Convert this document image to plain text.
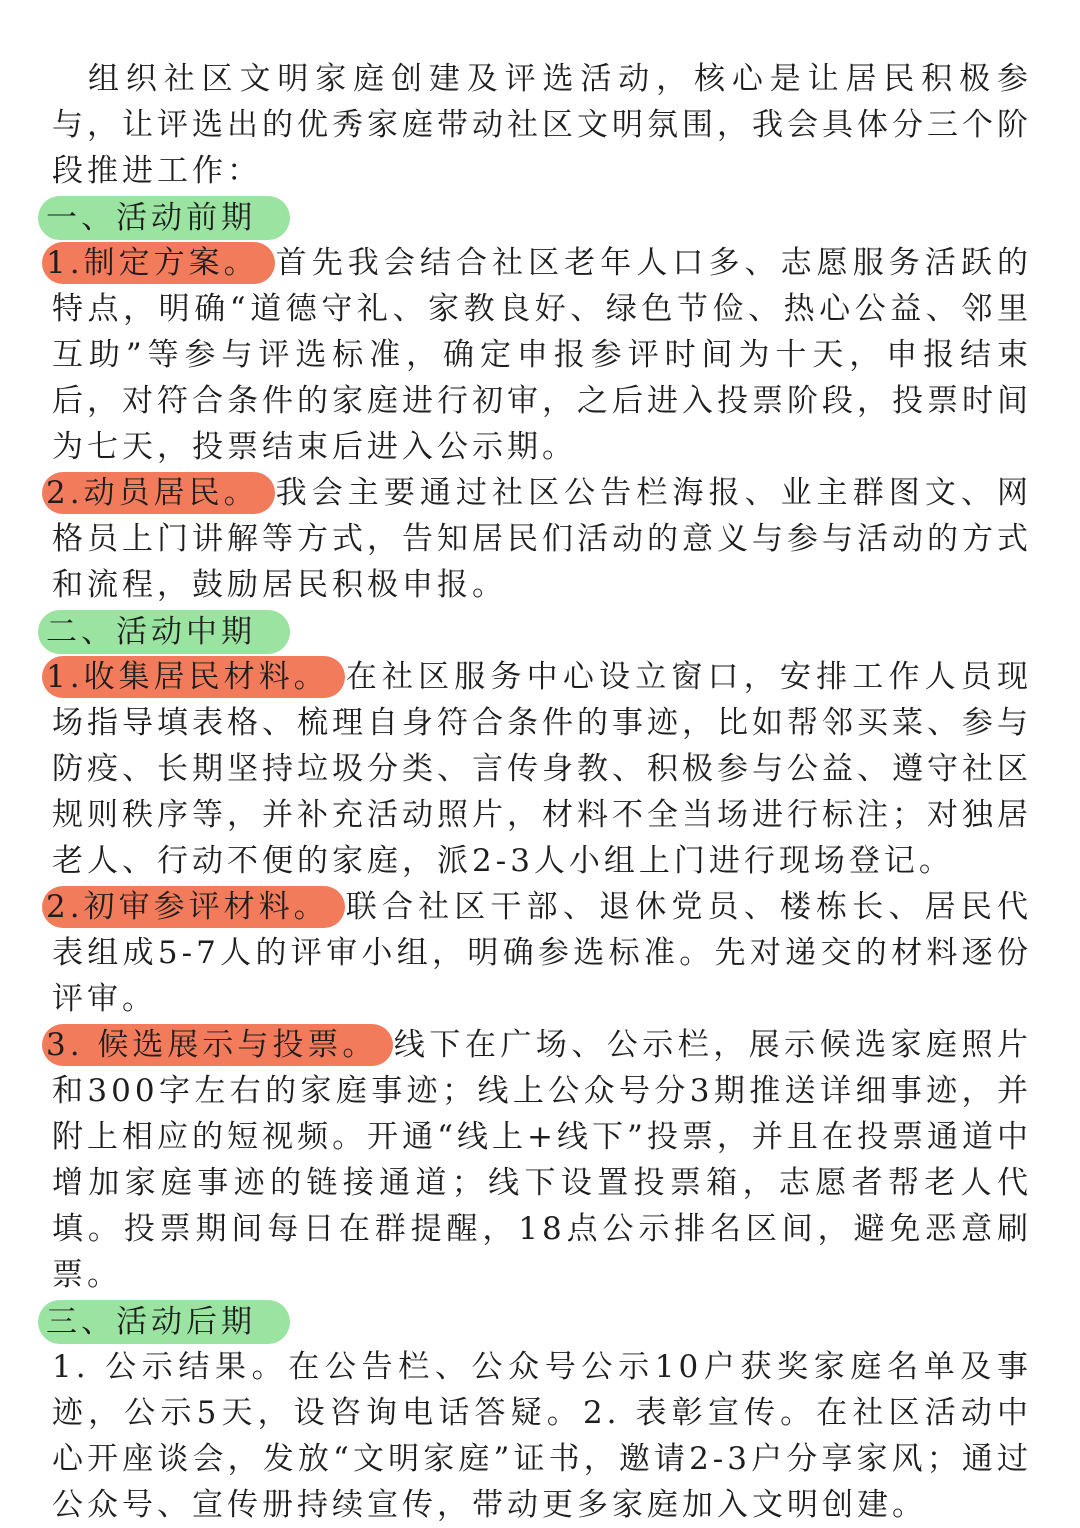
组织社区文明家庭创建及评选活动，核心是让居民积极参与，让评选出的优秀家庭带动社区文明氛围，我会具体分三个阶段推进工作：

一、活动前期

1.制定方案。 首先我会结合社区老年人口多、志愿服务活跃的特点，明确“道德守礼、家教良好、绿色节俭、热心公益、邻里互助”等参与评选标准，确定申报参评时间为十天，申报结束后，对符合条件的家庭进行初审，之后进入投票阶段，投票时间为七天，投票结束后进入公示期。

2.动员居民。 我会主要通过社区公告栏海报、业主群图文、网格员上门讲解等方式，告知居民们活动的意义与参与活动的方式和流程，鼓励居民积极申报。

二、活动中期

1.收集居民材料。 在社区服务中心设立窗口，安排工作人员现场指导填表格、梳理自身符合条件的事迹，比如帮邻买菜、参与防疫、长期坚持垃圾分类、言传身教、积极参与公益、遵守社区规则秩序等，并补充活动照片，材料不全当场进行标注；对独居老人、行动不便的家庭，派2-3人小组上门进行现场登记。

2.初审参评材料。 联合社区干部、退休党员、楼栋长、居民代表组成5-7人的评审小组，明确参选标准。先对递交的材料逐份评审。

3. 候选展示与投票。 线下在广场、公示栏，展示候选家庭照片和300字左右的家庭事迹；线上公众号分3期推送详细事迹，并附上相应的短视频。开通“线上+线下”投票，并且在投票通道中增加家庭事迹的链接通道；线下设置投票箱，志愿者帮老人代填。投票期间每日在群提醒，18点公示排名区间，避免恶意刷票。

三、活动后期

1. 公示结果。在公告栏、公众号公示10户获奖家庭名单及事迹，公示5天，设咨询电话答疑。2. 表彰宣传。在社区活动中心开座谈会，发放“文明家庭”证书，邀请2-3户分享家风；通过公众号、宣传册持续宣传，带动更多家庭加入文明创建。
